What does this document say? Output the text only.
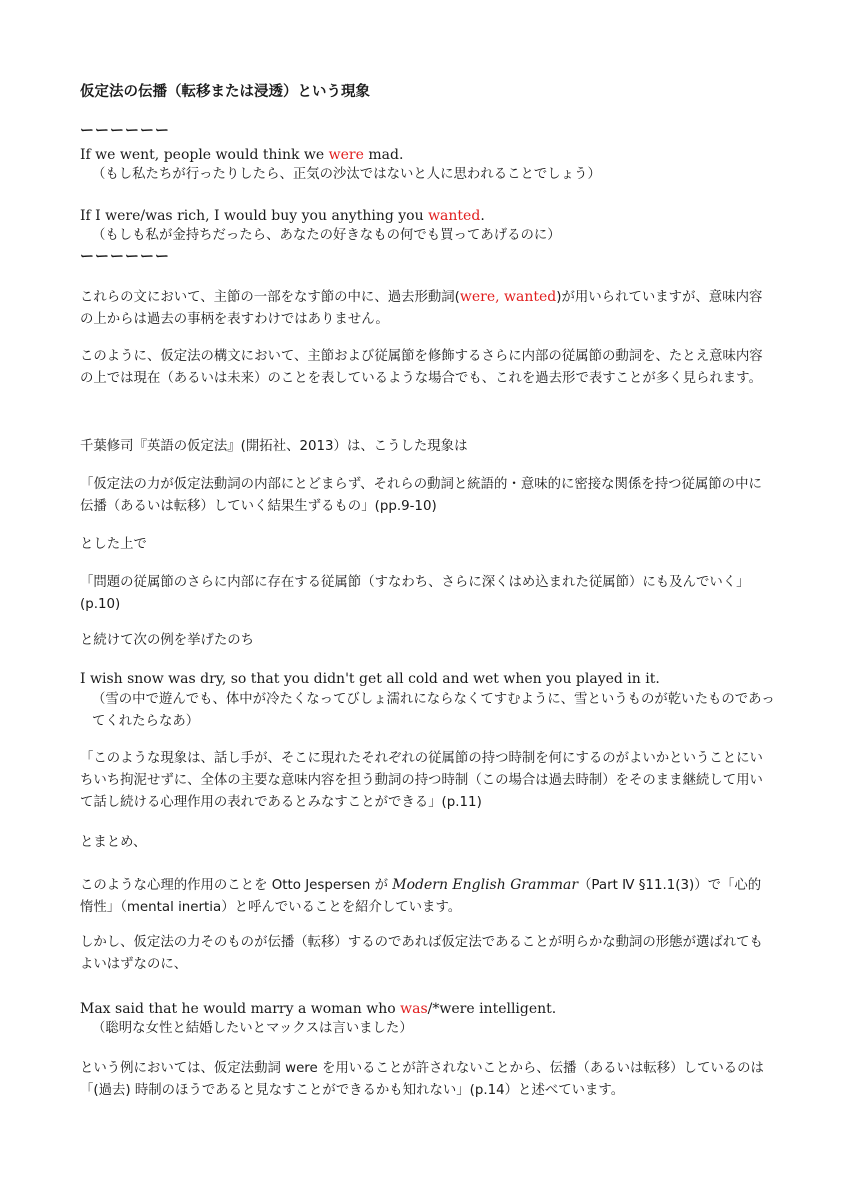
仮定法の伝播（転移または浸透）という現象
ーーーーーー
If we went, people would think we were mad.
（もし私たちが行ったりしたら、正気の沙汰ではないと人に思われることでしょう）
If I were/was rich, I would buy you anything you wanted.
（もしも私が金持ちだったら、あなたの好きなもの何でも買ってあげるのに）
ーーーーーー
これらの文において、主節の一部をなす節の中に、過去形動詞(were, wanted)が用いられていますが、意味内容の上からは過去の事柄を表すわけではありません。
このように、仮定法の構文において、主節および従属節を修飾するさらに内部の従属節の動詞を、たとえ意味内容の上では現在（あるいは未来）のことを表しているような場合でも、これを過去形で表すことが多く見られます。
千葉修司『英語の仮定法』(開拓社、2013）は、こうした現象は
「仮定法の力が仮定法動詞の内部にとどまらず、それらの動詞と統語的・意味的に密接な関係を持つ従属節の中に伝播（あるいは転移）していく結果生ずるもの」(pp.9-10)
とした上で
「問題の従属節のさらに内部に存在する従属節（すなわち、さらに深くはめ込まれた従属節）にも及んでいく」(p.10)
と続けて次の例を挙げたのち
I wish snow was dry, so that you didn't get all cold and wet when you played in it.
（雪の中で遊んでも、体中が冷たくなってびしょ濡れにならなくてすむように、雪というものが乾いたものであってくれたらなあ）
「このような現象は、話し手が、そこに現れたそれぞれの従属節の持つ時制を何にするのがよいかということにいちいち拘泥せずに、全体の主要な意味内容を担う動詞の持つ時制（この場合は過去時制）をそのまま継続して用いて話し続ける心理作用の表れであるとみなすことができる」(p.11)
とまとめ、
このような心理的作用のことを Otto Jespersen が Modern English Grammar（Part Ⅳ §11.1(3)）で「心的惰性」（mental inertia）と呼んでいることを紹介しています。
しかし、仮定法の力そのものが伝播（転移）するのであれば仮定法であることが明らかな動詞の形態が選ばれてもよいはずなのに、
Max said that he would marry a woman who was/*were intelligent.
（聡明な女性と結婚したいとマックスは言いました）
という例においては、仮定法動詞 were を用いることが許されないことから、伝播（あるいは転移）しているのは「(過去) 時制のほうであると見なすことができるかも知れない」(p.14）と述べています。
